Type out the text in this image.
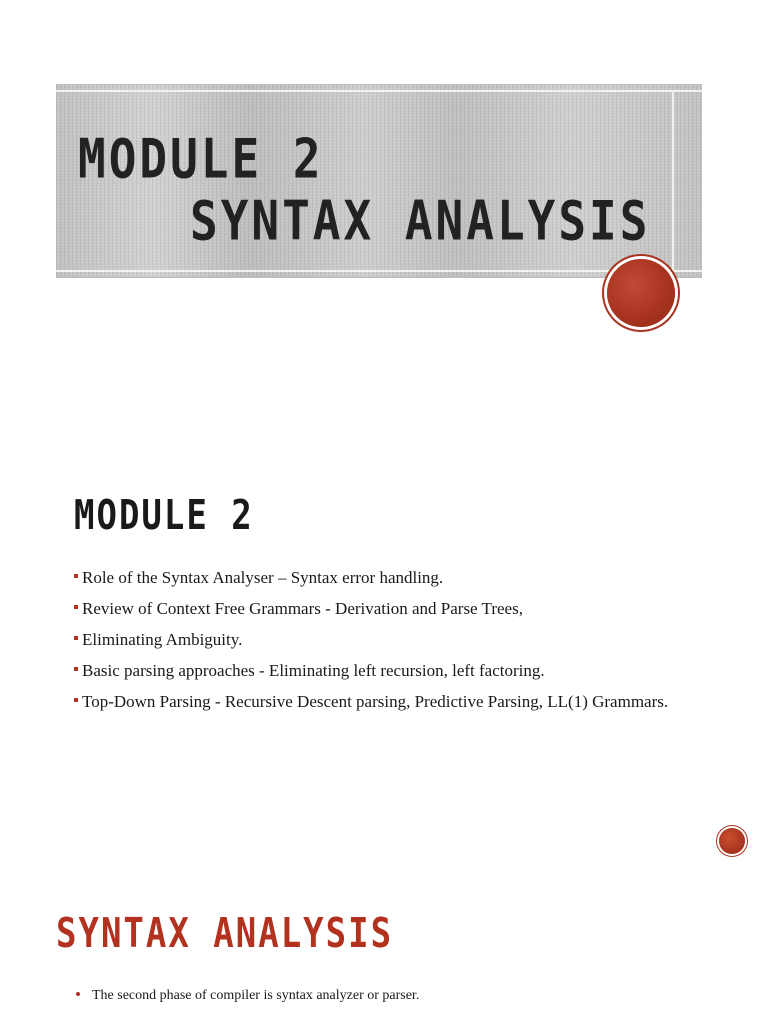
MODULE 2
SYNTAX ANALYSIS
MODULE 2
Role of the Syntax Analyser – Syntax error handling.
Review of Context Free Grammars - Derivation and Parse Trees,
Eliminating Ambiguity.
Basic parsing approaches - Eliminating left recursion, left factoring.
Top-Down Parsing - Recursive Descent parsing, Predictive Parsing, LL(1) Grammars.
SYNTAX ANALYSIS
The second phase of compiler is syntax analyzer or parser.
